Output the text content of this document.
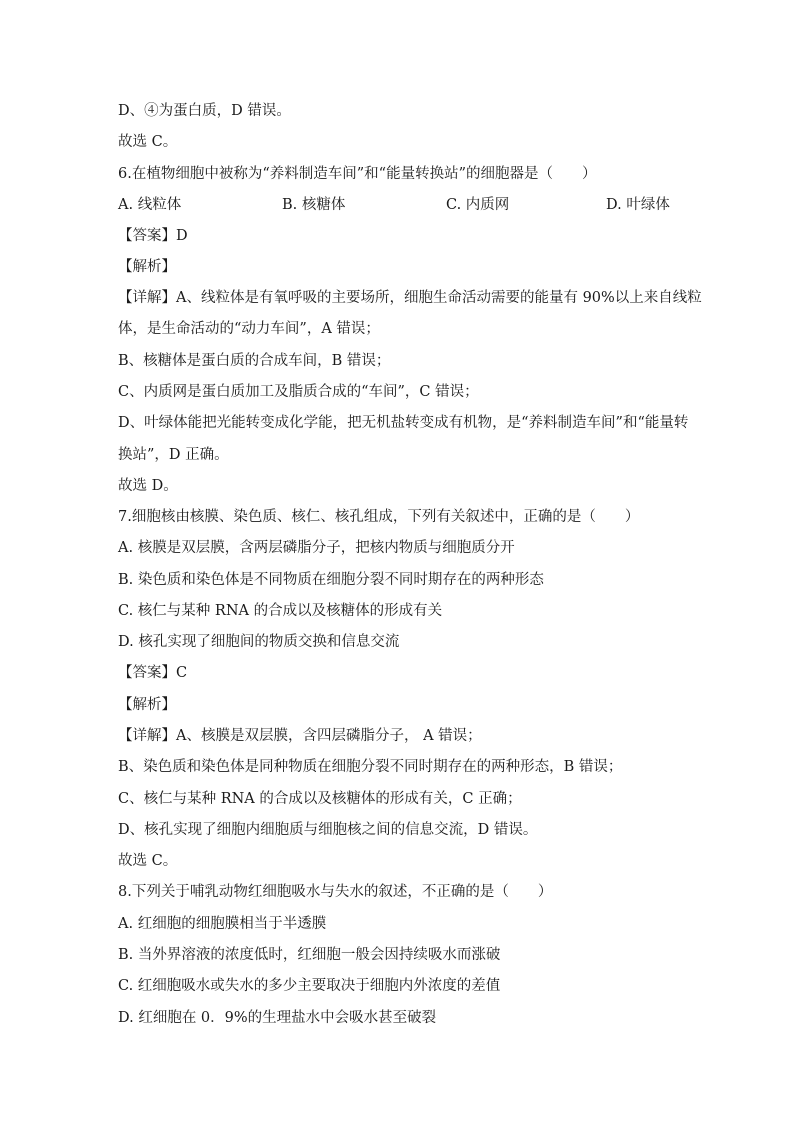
D、④为蛋白质，D 错误。
故选 C。
6.在植物细胞中被称为“养料制造车间”和“能量转换站”的细胞器是（　　）
A. 线粒体	B. 核糖体	C. 内质网	D. 叶绿体
【答案】D
【解析】
【详解】A、线粒体是有氧呼吸的主要场所，细胞生命活动需要的能量有 90%以上来自线粒
体，是生命活动的“动力车间”，A 错误；
B、核糖体是蛋白质的合成车间，B 错误；
C、内质网是蛋白质加工及脂质合成的“车间”，C 错误；
D、叶绿体能把光能转变成化学能，把无机盐转变成有机物，是“养料制造车间”和“能量转
换站”，D 正确。
故选 D。
7.细胞核由核膜、染色质、核仁、核孔组成，下列有关叙述中，正确的是（　　）
A. 核膜是双层膜，含两层磷脂分子，把核内物质与细胞质分开
B. 染色质和染色体是不同物质在细胞分裂不同时期存在的两种形态
C. 核仁与某种 RNA 的合成以及核糖体的形成有关
D. 核孔实现了细胞间的物质交换和信息交流
【答案】C
【解析】
【详解】A、核膜是双层膜，含四层磷脂分子， A 错误；
B、染色质和染色体是同种物质在细胞分裂不同时期存在的两种形态，B 错误；
C、核仁与某种 RNA 的合成以及核糖体的形成有关，C 正确；
D、核孔实现了细胞内细胞质与细胞核之间的信息交流，D 错误。
故选 C。
8.下列关于哺乳动物红细胞吸水与失水的叙述，不正确的是（　　）
A. 红细胞的细胞膜相当于半透膜
B. 当外界溶液的浓度低时，红细胞一般会因持续吸水而涨破
C. 红细胞吸水或失水的多少主要取决于细胞内外浓度的差值
D. 红细胞在 0．9%的生理盐水中会吸水甚至破裂
